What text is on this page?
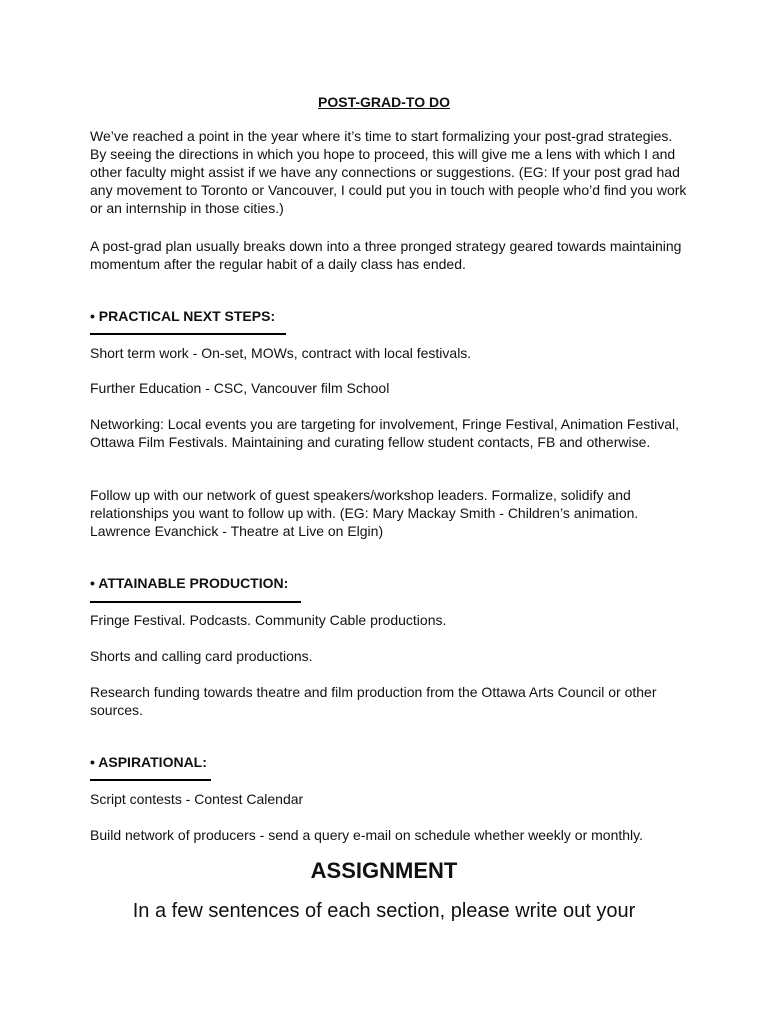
POST-GRAD-TO DO

We’ve reached a point in the year where it’s time to start formalizing your post-grad strategies. By seeing the directions in which you hope to proceed, this will give me a lens with which I and other faculty might assist if we have any connections or suggestions. (EG: If your post grad had any movement to Toronto or Vancouver, I could put you in touch with people who’d find you work or an internship in those cities.)

A post-grad plan usually breaks down into a three pronged strategy geared towards maintaining momentum after the regular habit of a daily class has ended.

• PRACTICAL NEXT STEPS:

Short term work - On-set, MOWs, contract with local festivals.

Further Education - CSC, Vancouver film School

Networking: Local events you are targeting for involvement, Fringe Festival, Animation Festival, Ottawa Film Festivals. Maintaining and curating fellow student contacts, FB and otherwise.

Follow up with our network of guest speakers/workshop leaders. Formalize, solidify and relationships you want to follow up with. (EG: Mary Mackay Smith - Children’s animation. Lawrence Evanchick - Theatre at Live on Elgin)

• ATTAINABLE PRODUCTION:

Fringe Festival. Podcasts. Community Cable productions.

Shorts and calling card productions.

Research funding towards theatre and film production from the Ottawa Arts Council or other sources.

• ASPIRATIONAL:

Script contests - Contest Calendar

Build network of producers - send a query e-mail on schedule whether weekly or monthly.

ASSIGNMENT
In a few sentences of each section, please write out your
